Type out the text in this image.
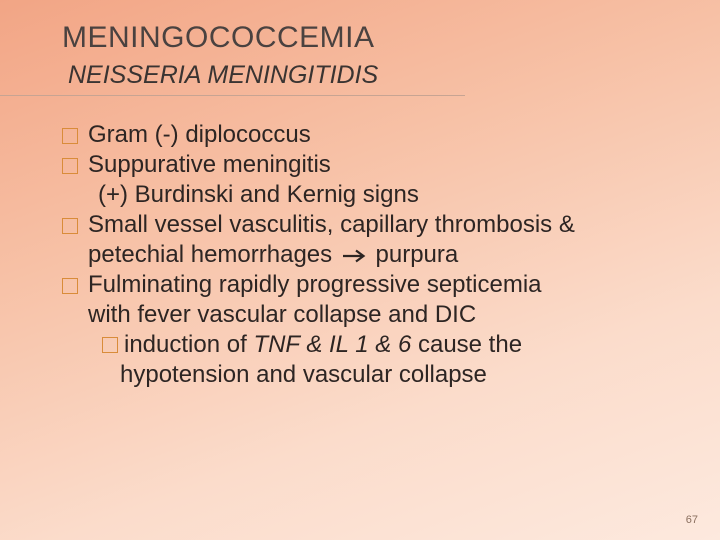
MENINGOCOCCEMIA
NEISSERIA MENINGITIDIS
Gram (-) diplococcus
Suppurative meningitis
(+) Burdinski and Kernig signs
Small vessel vasculitis, capillary thrombosis &
petechial hemorrhages purpura
Fulminating rapidly progressive septicemia
with fever vascular collapse and DIC
induction of TNF & IL 1 & 6 cause the
hypotension and vascular collapse
67
